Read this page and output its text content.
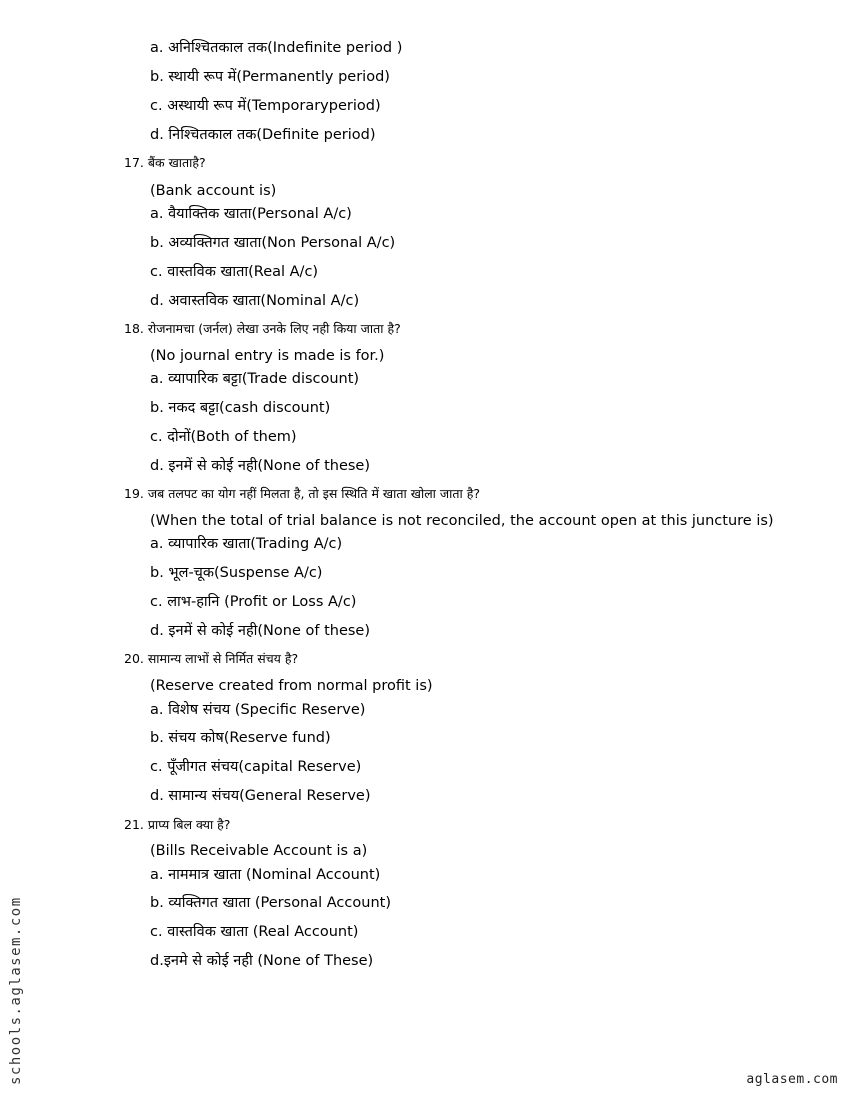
a. अनिश्चितकाल तक(Indefinite period )
b. स्थायी रूप में(Permanently period)
c. अस्थायी रूप में(Temporaryperiod)
d. निश्चितकाल तक(Definite period)
17. बैंक खाताहै?
(Bank account is)
a. वैयाक्तिक खाता(Personal A/c)
b. अव्यक्तिगत खाता(Non Personal A/c)
c. वास्तविक खाता(Real A/c)
d. अवास्तविक खाता(Nominal A/c)
18. रोजनामचा (जर्नल) लेखा उनके लिए नही किया जाता है?
(No journal entry is made is for.)
a. व्यापारिक बट्टा(Trade discount)
b. नकद बट्टा(cash discount)
c. दोनों(Both of them)
d. इनमें से कोई नही(None of these)
19. जब तलपट का योग नहीं मिलता है, तो इस स्थिति में खाता खोला जाता है?
(When the total of trial balance is not reconciled, the account open at this juncture is)
a. व्यापारिक खाता(Trading A/c)
b. भूल-चूक(Suspense A/c)
c. लाभ-हानि (Profit or Loss A/c)
d. इनमें से कोई नही(None of these)
20. सामान्य लाभों से निर्मित संचय है?
(Reserve created from normal profit is)
a. विशेष संचय (Specific Reserve)
b. संचय कोष(Reserve fund)
c. पूँजीगत संचय(capital Reserve)
d. सामान्य संचय(General Reserve)
21. प्राप्य बिल क्या है?
(Bills Receivable Account is a)
a. नाममात्र खाता (Nominal Account)
b. व्यक्तिगत खाता (Personal Account)
c. वास्तविक खाता (Real Account)
d.इनमे से कोई नही (None of These)
schools.aglasem.com	aglasem.com
